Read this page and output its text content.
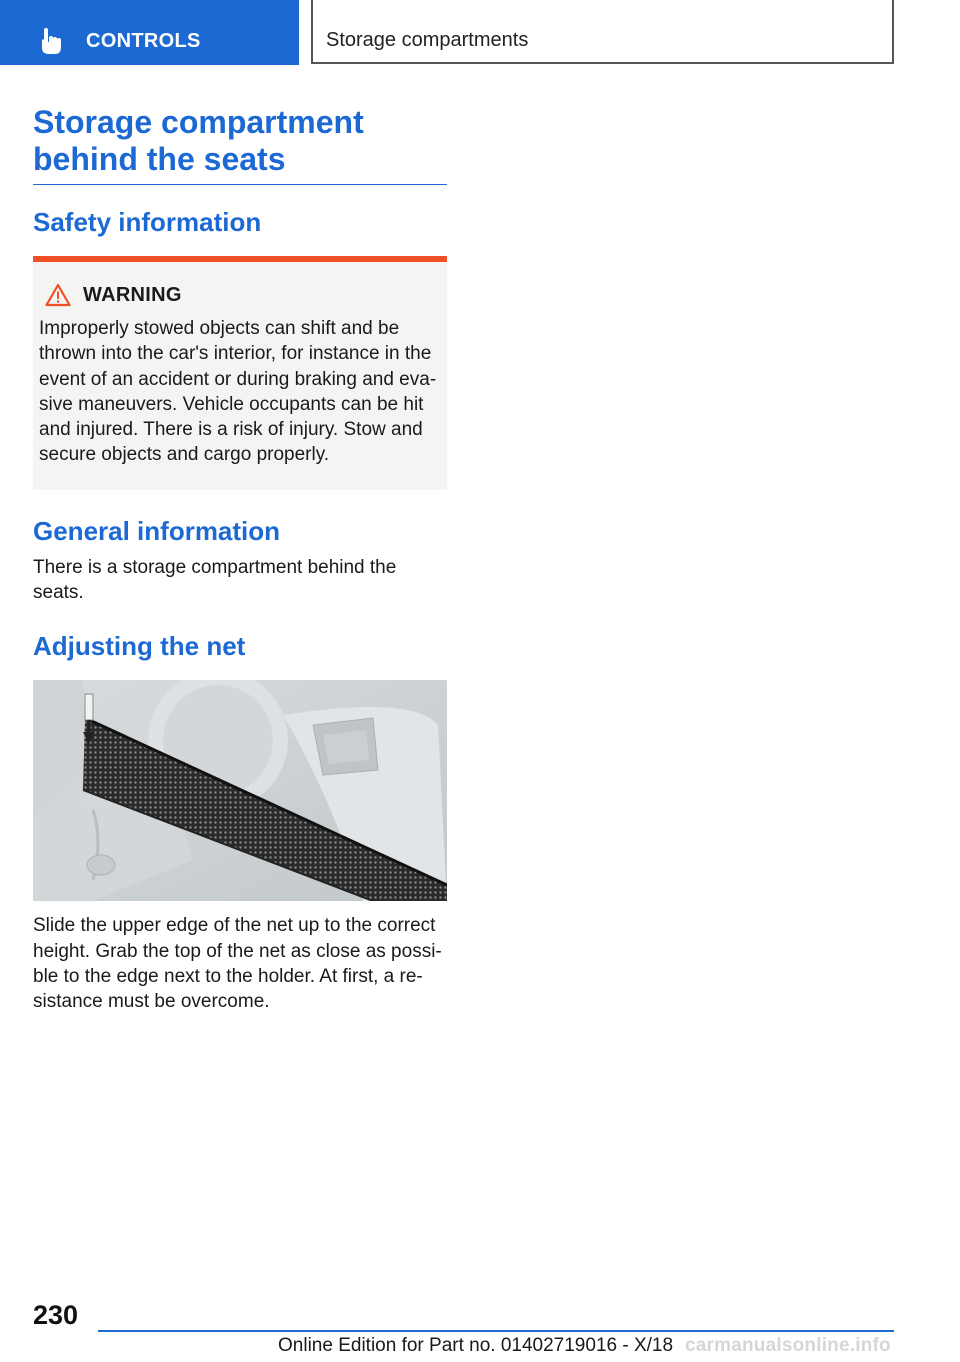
CONTROLS	Storage compartments
Storage compartment behind the seats
Safety information
WARNING
Improperly stowed objects can shift and be thrown into the car's interior, for instance in the event of an accident or during braking and eva‐sive maneuvers. Vehicle occupants can be hit and injured. There is a risk of injury. Stow and secure objects and cargo properly.
General information
There is a storage compartment behind the seats.
Adjusting the net
Slide the upper edge of the net up to the correct height. Grab the top of the net as close as possi‐ble to the edge next to the holder. At first, a re‐sistance must be overcome.
230
Online Edition for Part no. 01402719016 - X/18 carmanualsonline.info
